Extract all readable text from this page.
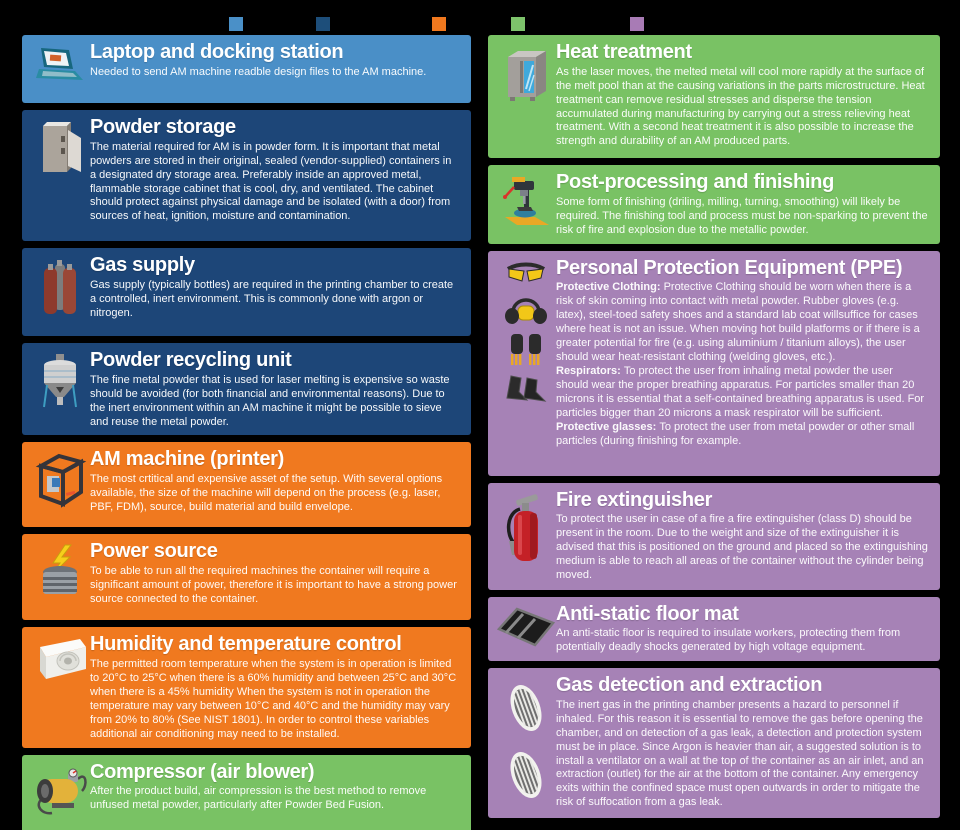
Laptop and docking station
Needed to send AM machine readble design files to the AM machine.
Powder storage
The material required for AM is in powder form. It is important that metal powders are stored in their original, sealed (vendor-supplied) containers in a designated dry storage area. Preferably inside an approved metal, flammable storage cabinet that is cool, dry, and ventilated. The cabinet should protect against physical damage and be isolated (with a door) from sources of heat, ignition, moisture and contamination.
Gas supply
Gas supply (typically bottles) are required in the printing chamber to create a controlled, inert environment. This is commonly done with argon or nitrogen.
Powder recycling unit
The fine metal powder that is used for laser melting is expensive so waste should be avoided (for both financial and environmental reasons). Due to the inert environment within an AM machine it might be possible to sieve and reuse the metal powder.
AM machine (printer)
The most crtitical and expensive asset of the setup. With several options available, the size of the machine will depend on the process (e.g. laser, PBF, FDM), source, build material and build envelope.
Power source
To be able to run all the required machines the container will require a significant amount of power, therefore it is important to have a strong power source connected to the container.
Humidity and temperature control
The permitted room temperature when the system is in operation is limited to 20°C to 25°C when there is a 60% humidity and between 25°C and 30°C when there is a 45% humidity When the system is not in operation the temperature may vary between 10°C and 40°C and the humidity may vary from 20% to 80% (See NIST 1801). In order to control these variables additional air conditioning may need to be installed.
Compressor (air blower)
After the product build, air compression is the best method to remove unfused metal powder, particularly after Powder Bed Fusion.
Heat treatment
As the laser moves, the melted metal will cool more rapidly at the surface of the melt pool than at the causing variations in the parts microstructure. Heat treatment can remove residual stresses and disperse the tension accumulated during manufacturing by carrying out a stress relieving heat treatment. With a second heat treatment it is also possible to increase the strength and durability of an AM produced parts.
Post-processing and finishing
Some form of finishing (driling, milling, turning, smoothing) will likely be required. The finishing tool and process must be non-sparking to prevent the risk of fire and explosion due to the metallic powder.
Personal Protection Equipment (PPE)

Protective Clothing: Protective Clothing should be worn when there is a risk of skin coming into contact with metal powder. Rubber gloves (e.g. latex), steel-toed safety shoes and a standard lab coat willsuffice for cases where heat is not an issue. When moving hot build platforms or if there is a greater potential for fire (e.g. using aluminium / titanium alloys), the user should wear heat-resistant clothing (welding gloves, etc.).

Respirators: To protect the user from inhaling metal powder the user should wear the proper breathing apparatus. For particles smaller than 20 microns it is essential that a self-contained breathing apparatus is used. For particles bigger than 20 microns a mask respirator will be sufficient.

Protective glasses: To protect the user from metal powder or other small particles (during finishing for example.

Fire extinguisher
To protect the user in case of a fire a fire extinguisher (class D) should be present in the room. Due to the weight and size of the extinguisher it is advised that this is positioned on the ground and placed so the extinguishing medium is able to reach all areas of the container without the cylinder being moved.
Anti-static floor mat
An anti-static floor is required to insulate workers, protecting them from potentially deadly shocks generated by high voltage equipment.
Gas detection and extraction
The inert gas in the printing chamber presents a hazard to personnel if inhaled. For this reason it is essential to remove the gas before opening the chamber, and on detection of a gas leak, a detection and protection system must be in place. Since Argon is heavier than air, a suggested solution is to install a ventilator on a wall at the top of the container as an air inlet, and an extraction (outlet) for the air at the bottom of the container. Any emergency exits within the confined space must open outwards in order to mitigate the risk of suffocation from a gas leak.
